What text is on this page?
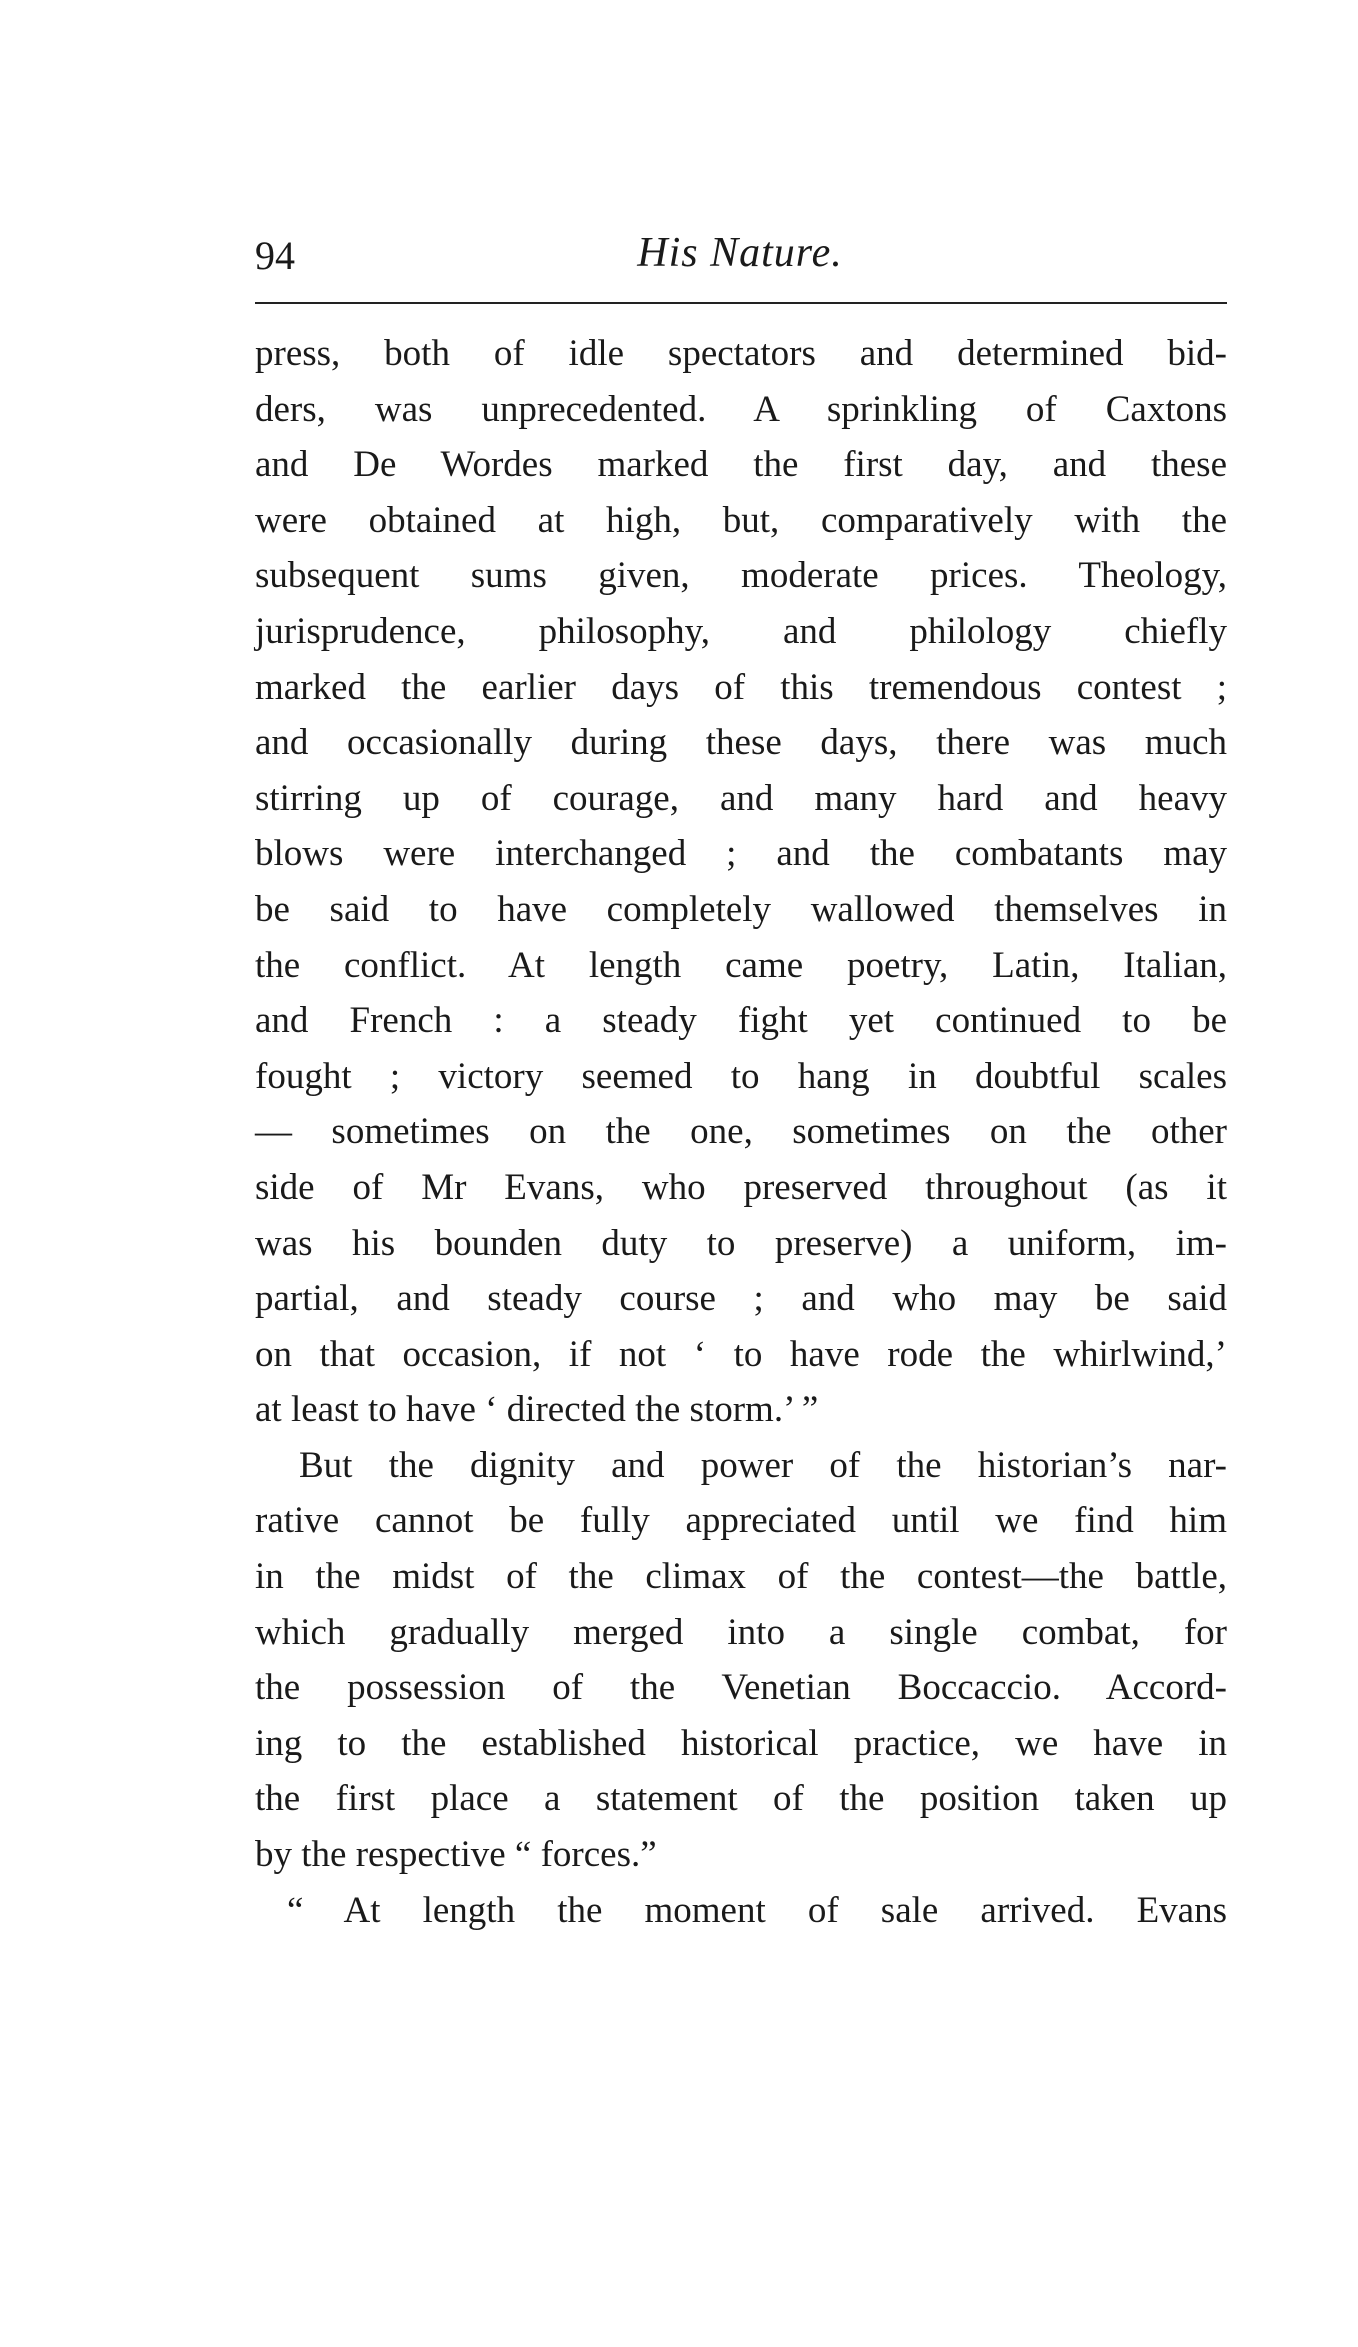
94	His Nature.
press, both of idle spectators and determined bid-
ders, was unprecedented. A sprinkling of Caxtons
and De Wordes marked the first day, and these
were obtained at high, but, comparatively with the
subsequent sums given, moderate prices. Theology,
jurisprudence, philosophy, and philology chiefly
marked the earlier days of this tremendous contest ;
and occasionally during these days, there was much
stirring up of courage, and many hard and heavy
blows were interchanged ; and the combatants may
be said to have completely wallowed themselves in
the conflict. At length came poetry, Latin, Italian,
and French : a steady fight yet continued to be
fought ; victory seemed to hang in doubtful scales
— sometimes on the one, sometimes on the other
side of Mr Evans, who preserved throughout (as it
was his bounden duty to preserve) a uniform, im-
partial, and steady course ; and who may be said
on that occasion, if not ‘ to have rode the whirlwind,’
at least to have ‘ directed the storm.’ ”
But the dignity and power of the historian’s nar-
rative cannot be fully appreciated until we find him
in the midst of the climax of the contest—the battle,
which gradually merged into a single combat, for
the possession of the Venetian Boccaccio. Accord-
ing to the established historical practice, we have in
the first place a statement of the position taken up
by the respective “ forces.”
“ At length the moment of sale arrived. Evans
